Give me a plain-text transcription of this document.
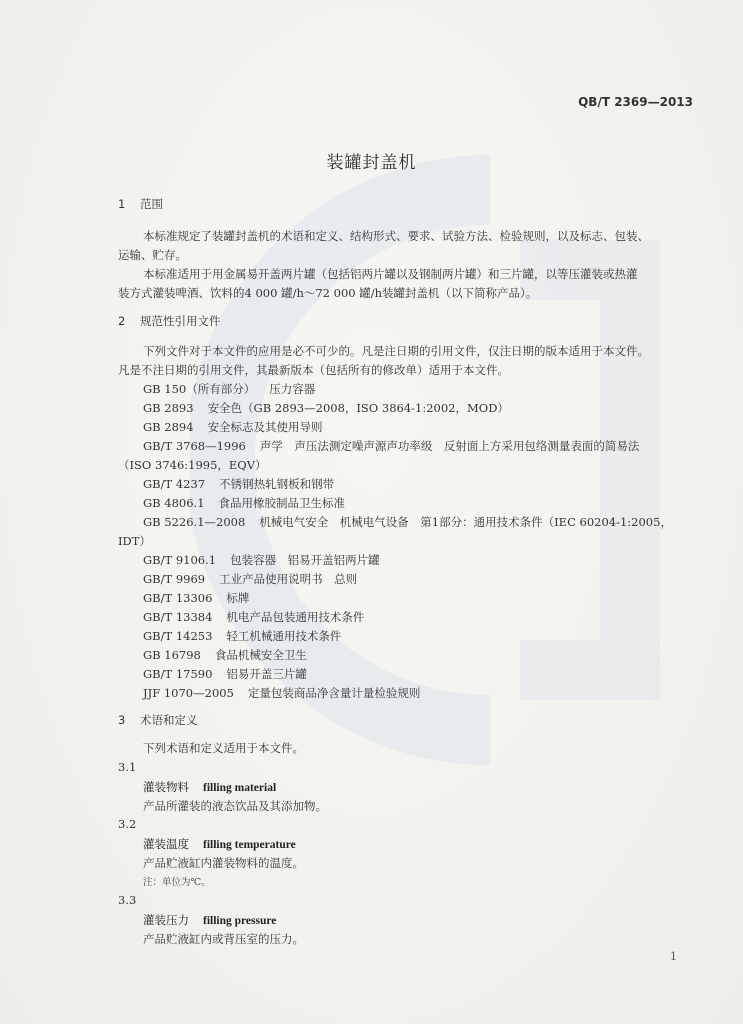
QB/T 2369—2013
装罐封盖机
1 范围
本标准规定了装罐封盖机的术语和定义、结构形式、要求、试验方法、检验规则，以及标志、包装、
运输、贮存。
本标准适用于用金属易开盖两片罐（包括铝两片罐以及钢制两片罐）和三片罐，以等压灌装或热灌
装方式灌装啤酒、饮料的4 000 罐/h～72 000 罐/h装罐封盖机（以下简称产品）。
2 规范性引用文件
下列文件对于本文件的应用是必不可少的。凡是注日期的引用文件，仅注日期的版本适用于本文件。
凡是不注日期的引用文件，其最新版本（包括所有的修改单）适用于本文件。
GB 150（所有部分） 压力容器
GB 2893 安全色（GB 2893—2008，ISO 3864-1:2002，MOD）
GB 2894 安全标志及其使用导则
GB/T 3768—1996 声学　声压法测定噪声源声功率级　反射面上方采用包络测量表面的简易法
（ISO 3746:1995，EQV）
GB/T 4237 不锈钢热轧钢板和钢带
GB 4806.1 食品用橡胶制品卫生标准
GB 5226.1—2008 机械电气安全　机械电气设备　第1部分：通用技术条件（IEC 60204-1:2005，
IDT）
GB/T 9106.1 包装容器　铝易开盖铝两片罐
GB/T 9969 工业产品使用说明书　总则
GB/T 13306 标牌
GB/T 13384 机电产品包装通用技术条件
GB/T 14253 轻工机械通用技术条件
GB 16798 食品机械安全卫生
GB/T 17590 铝易开盖三片罐
JJF 1070—2005 定量包装商品净含量计量检验规则
3 术语和定义
下列术语和定义适用于本文件。
3.1
灌装物料 filling material
产品所灌装的液态饮品及其添加物。
3.2
灌装温度 filling temperature
产品贮液缸内灌装物料的温度。
注：单位为℃。
3.3
灌装压力 filling pressure
产品贮液缸内或背压室的压力。
1
